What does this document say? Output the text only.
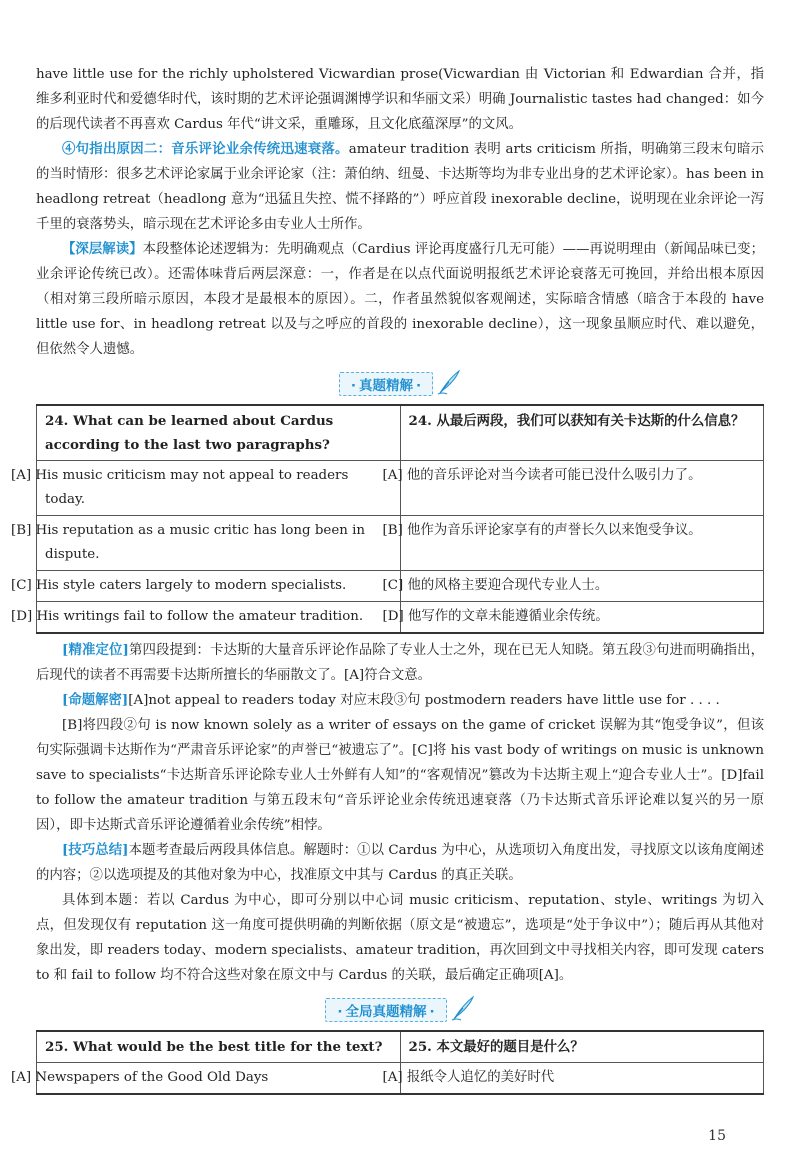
have little use for the richly upholstered Vicwardian prose(Vicwardian 由 Victorian 和 Edwardian 合并，指维多利亚时代和爱德华时代，该时期的艺术评论强调渊博学识和华丽文采）明确 Journalistic tastes had changed：如今的后现代读者不再喜欢 Cardus 年代“讲文采，重雕琢，且文化底蕴深厚”的文风。

④句指出原因二：音乐评论业余传统迅速衰落。amateur tradition 表明 arts criticism 所指，明确第三段末句暗示的当时情形：很多艺术评论家属于业余评论家（注：萧伯纳、纽曼、卡达斯等均为非专业出身的艺术评论家）。has been in headlong retreat（headlong 意为“迅猛且失控、慌不择路的”）呼应首段 inexorable decline，说明现在业余评论一泻千里的衰落势头，暗示现在艺术评论多由专业人士所作。

【深层解读】本段整体论述逻辑为：先明确观点（Cardius 评论再度盛行几无可能）——再说明理由（新闻品味已变；业余评论传统已改）。还需体味背后两层深意：一，作者是在以点代面说明报纸艺术评论衰落无可挽回，并给出根本原因（相对第三段所暗示原因，本段才是最根本的原因）。二，作者虽然貌似客观阐述，实际暗含情感（暗含于本段的 have little use for、in headlong retreat 以及与之呼应的首段的 inexorable decline），这一现象虽顺应时代、难以避免，但依然令人遗憾。

· 真题精解 ·
24. What can be learned about Cardus according to the last two paragraphs?	24. 从最后两段，我们可以获知有关卡达斯的什么信息？
[A] His music criticism may not appeal to readers today.	[A] 他的音乐评论对当今读者可能已没什么吸引力了。
[B] His reputation as a music critic has long been in dispute.	[B] 他作为音乐评论家享有的声誉长久以来饱受争议。
[C] His style caters largely to modern specialists.	[C] 他的风格主要迎合现代专业人士。
[D] His writings fail to follow the amateur tradition.	[D] 他写作的文章未能遵循业余传统。

[精准定位]第四段提到：卡达斯的大量音乐评论作品除了专业人士之外，现在已无人知晓。第五段③句进而明确指出，后现代的读者不再需要卡达斯所擅长的华丽散文了。[A]符合文意。

[命题解密][A]not appeal to readers today 对应末段③句 postmodern readers have little use for . . . .

[B]将四段②句 is now known solely as a writer of essays on the game of cricket 误解为其“饱受争议”，但该句实际强调卡达斯作为“严肃音乐评论家”的声誉已“被遗忘了”。[C]将 his vast body of writings on music is unknown save to specialists“卡达斯音乐评论除专业人士外鲜有人知”的“客观情况”篡改为卡达斯主观上“迎合专业人士”。[D]fail to follow the amateur tradition 与第五段末句“音乐评论业余传统迅速衰落（乃卡达斯式音乐评论难以复兴的另一原因），即卡达斯式音乐评论遵循着业余传统”相悖。

[技巧总结]本题考查最后两段具体信息。解题时：①以 Cardus 为中心，从选项切入角度出发，寻找原文以该角度阐述的内容；②以选项提及的其他对象为中心，找准原文中其与 Cardus 的真正关联。

具体到本题：若以 Cardus 为中心，即可分别以中心词 music criticism、reputation、style、writings 为切入点，但发现仅有 reputation 这一角度可提供明确的判断依据（原文是“被遗忘”，选项是“处于争议中”）；随后再从其他对象出发，即 readers today、modern specialists、amateur tradition，再次回到文中寻找相关内容，即可发现 caters to 和 fail to follow 均不符合这些对象在原文中与 Cardus 的关联，最后确定正确项[A]。

· 全局真题精解 ·
25. What would be the best title for the text?	25. 本文最好的题目是什么？
[A] Newspapers of the Good Old Days	[A] 报纸令人追忆的美好时代
15
